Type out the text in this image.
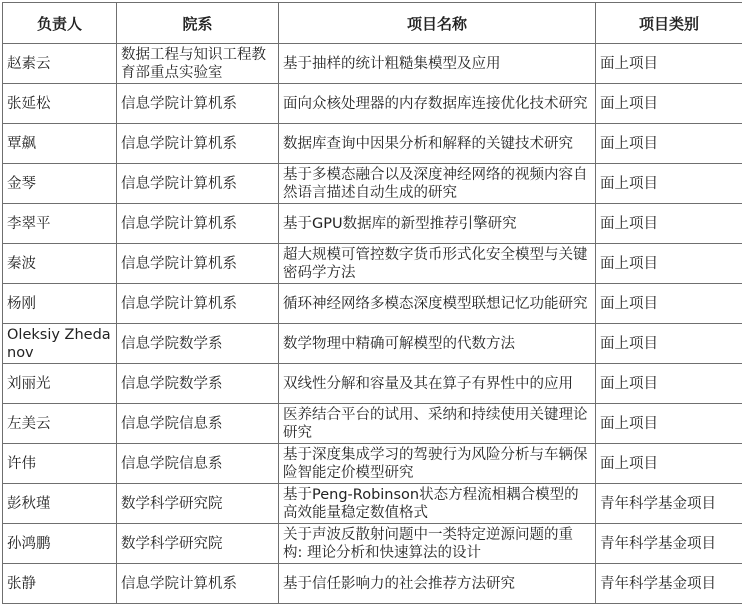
负责人	院系	项目名称	项目类别
赵素云	数据工程与知识工程教育部重点实验室	基于抽样的统计粗糙集模型及应用	面上项目
张延松	信息学院计算机系	面向众核处理器的内存数据库连接优化技术研究	面上项目
覃飙	信息学院计算机系	数据库查询中因果分析和解释的关键技术研究	面上项目
金琴	信息学院计算机系	基于多模态融合以及深度神经网络的视频内容自然语言描述自动生成的研究	面上项目
李翠平	信息学院计算机系	基于GPU数据库的新型推荐引擎研究	面上项目
秦波	信息学院计算机系	超大规模可管控数字货币形式化安全模型与关键密码学方法	面上项目
杨刚	信息学院计算机系	循环神经网络多模态深度模型联想记忆功能研究	面上项目
Oleksiy Zhedanov	信息学院数学系	数学物理中精确可解模型的代数方法	面上项目
刘丽光	信息学院数学系	双线性分解和容量及其在算子有界性中的应用	面上项目
左美云	信息学院信息系	医养结合平台的试用、采纳和持续使用关键理论研究	面上项目
许伟	信息学院信息系	基于深度集成学习的驾驶行为风险分析与车辆保险智能定价模型研究	面上项目
彭秋瑾	数学科学研究院	基于Peng-Robinson状态方程流相耦合模型的高效能量稳定数值格式	青年科学基金项目
孙鸿鹏	数学科学研究院	关于声波反散射问题中一类特定逆源问题的重构: 理论分析和快速算法的设计	青年科学基金项目
张静	信息学院计算机系	基于信任影响力的社会推荐方法研究	青年科学基金项目
